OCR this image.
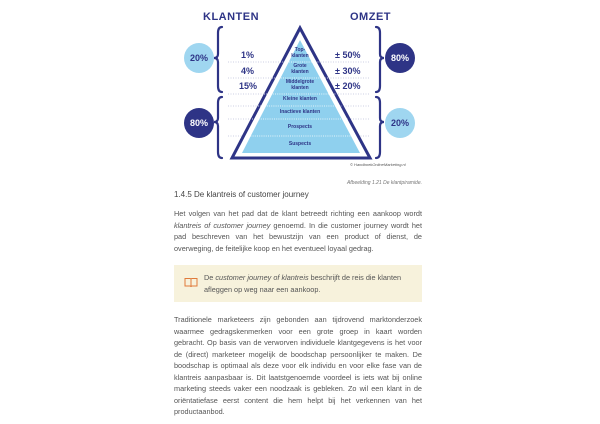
KLANTEN	OMZET
20%	80%
80%	20%
1%
4%
15%
± 50%
± 30%
± 20%
Top-
klanten
Grote
klanten
Middelgrote
klanten
Kleine klanten
Inactieve klanten
Prospects
Suspects
© HandboekOnlineMarketing.nl
Afbeelding 1.21 De klantpiramide.
1.4.5 De klantreis of customer journey
Het volgen van het pad dat de klant betreedt richting een aankoop wordt klantreis of customer journey genoemd. In die customer journey wordt het pad beschreven van het bewustzijn van een product of dienst, de overweging, de feitelijke koop en het eventueel loyaal gedrag.
De customer journey of klantreis beschrijft de reis die klanten afleggen op weg naar een aankoop.
Traditionele marketeers zijn gebonden aan tijdrovend marktonderzoek waarmee gedragskenmerken voor een grote groep in kaart worden gebracht. Op basis van de verworven individuele klantgegevens is het voor de (direct) marketeer mogelijk de boodschap persoonlijker te maken. De boodschap is optimaal als deze voor elk individu en voor elke fase van de klantreis aanpasbaar is. Dit laatstgenoemde voordeel is iets wat bij online marketing steeds vaker een noodzaak is gebleken. Zo wil een klant in de oriëntatiefase eerst content die hem helpt bij het verkennen van het productaanbod.
